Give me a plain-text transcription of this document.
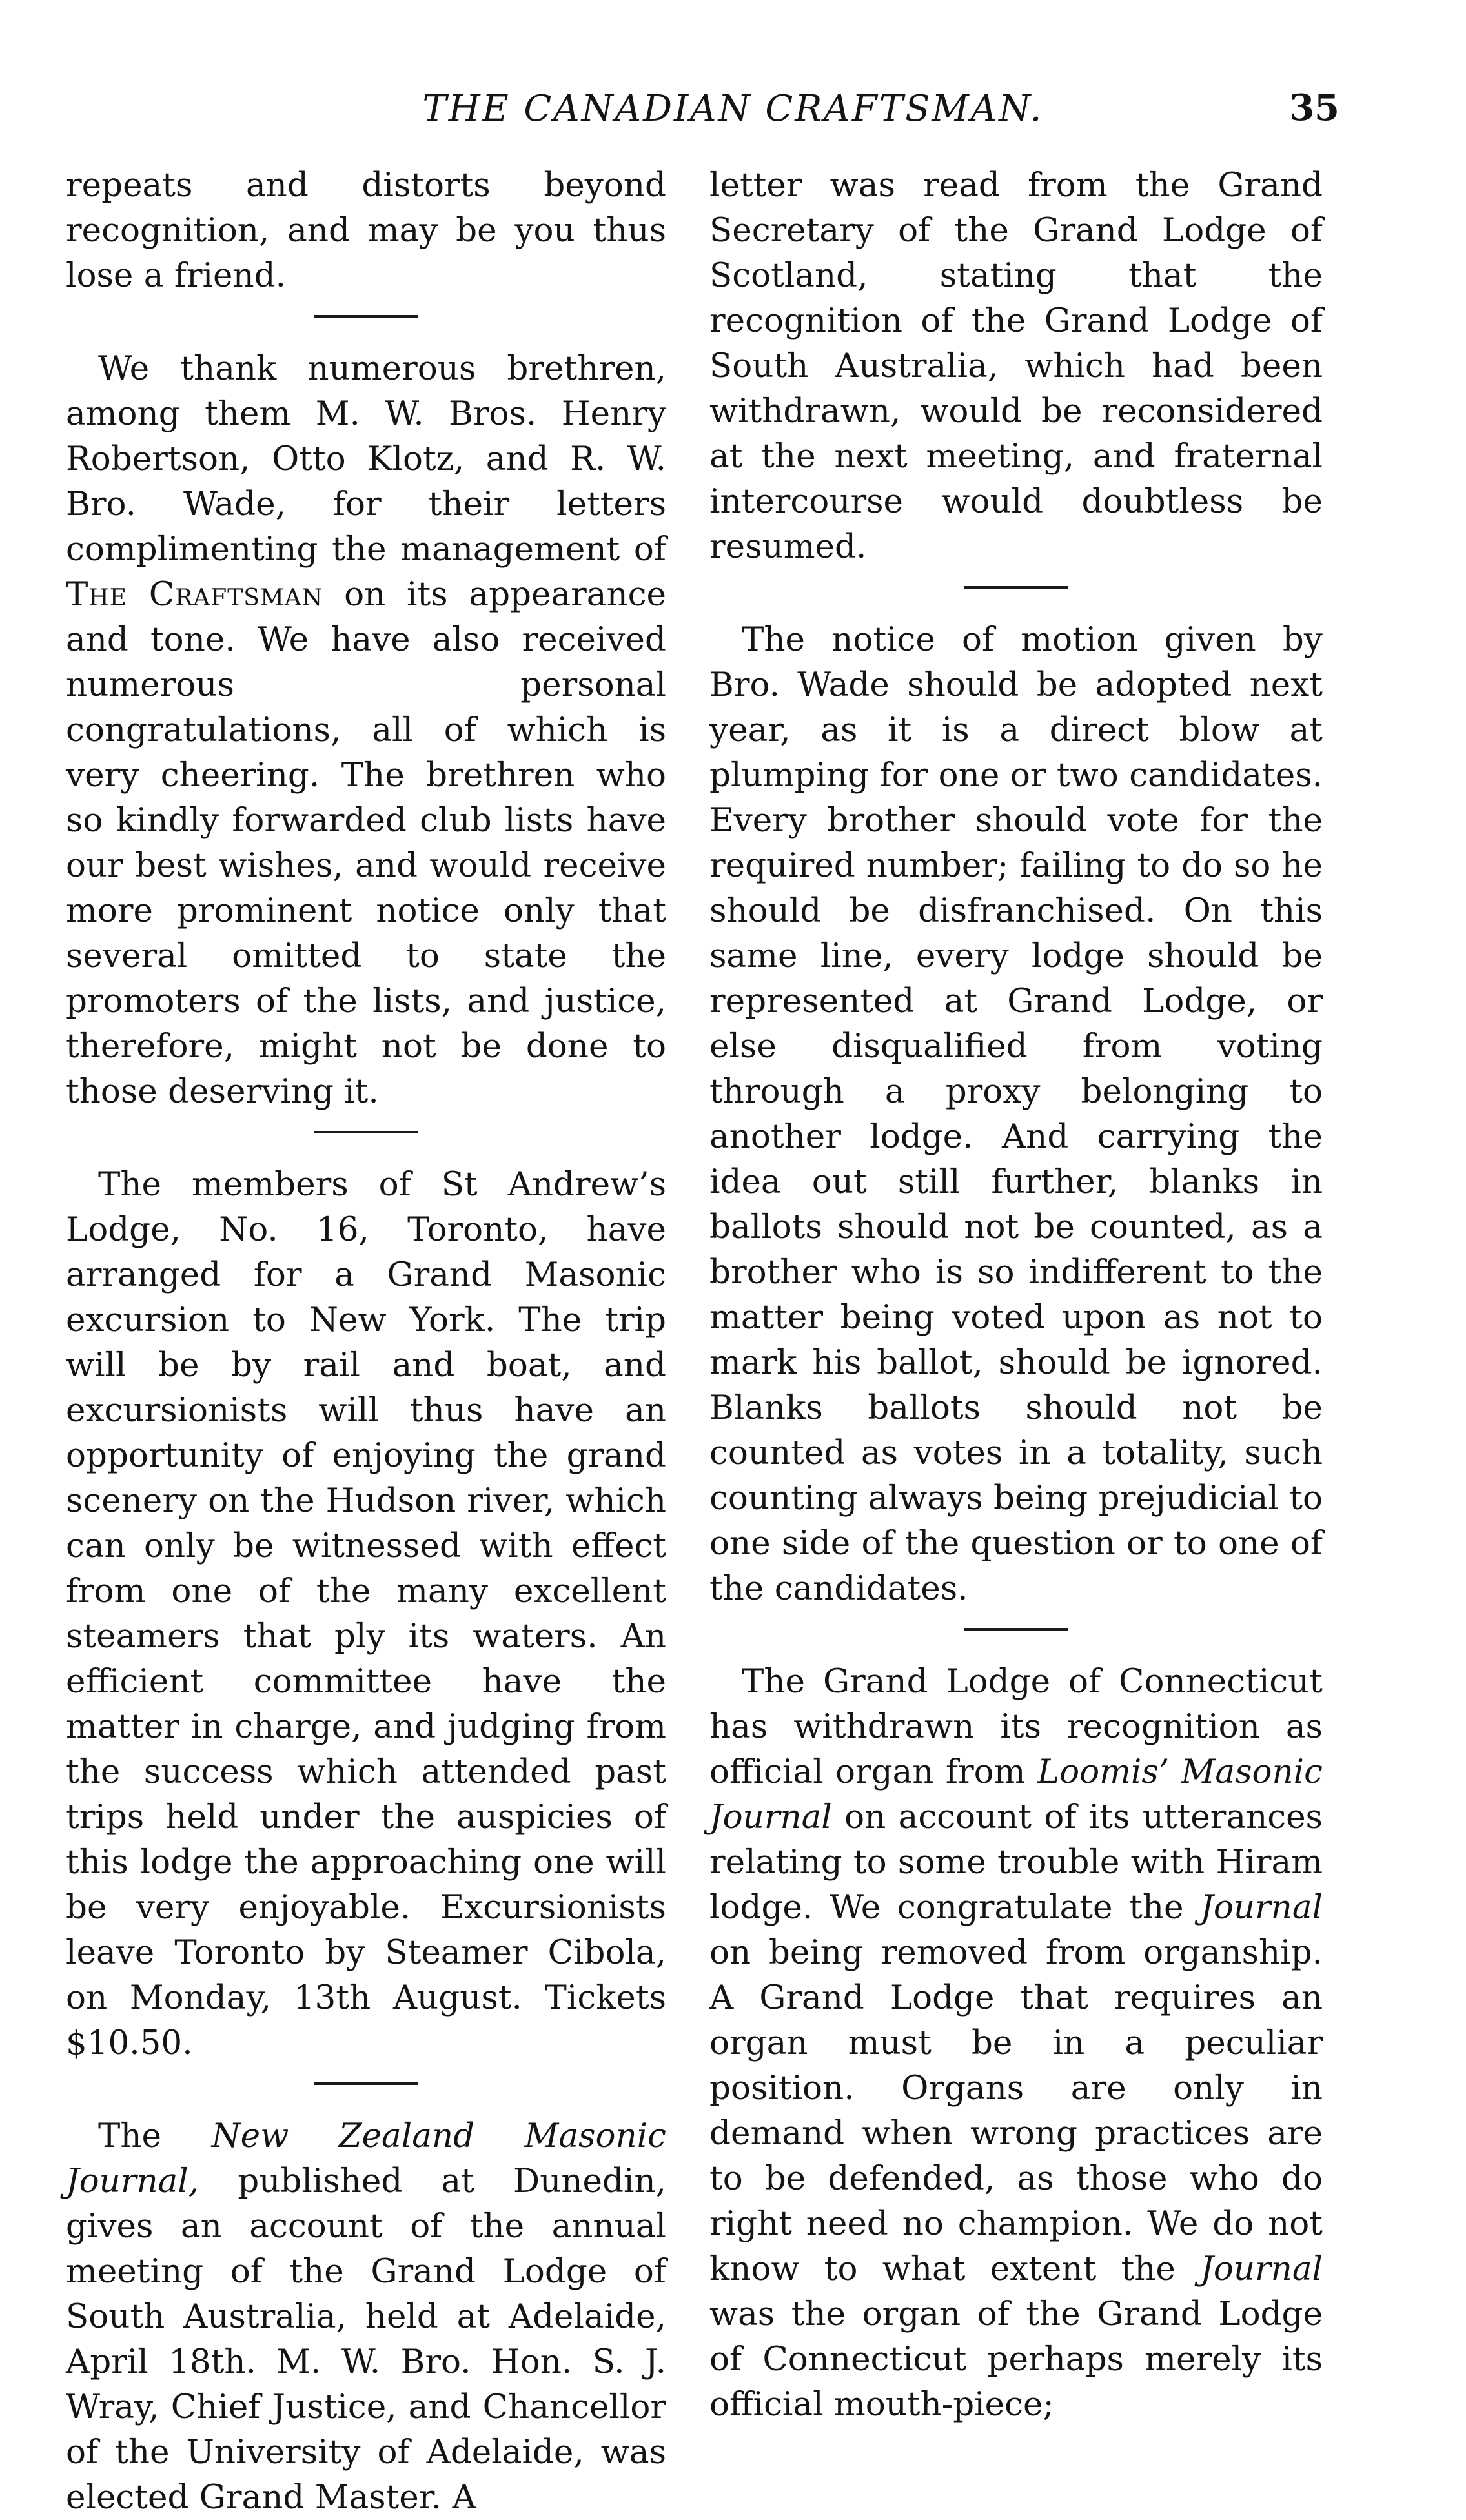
THE CANADIAN CRAFTSMAN.	35

repeats and distorts beyond recognition, and may be you thus lose a friend.

We thank numerous brethren, among them M. W. Bros. Henry Robertson, Otto Klotz, and R. W. Bro. Wade, for their letters complimenting the management of The Craftsman on its appearance and tone. We have also received numerous personal congratulations, all of which is very cheering. The brethren who so kindly forwarded club lists have our best wishes, and would receive more prominent notice only that several omitted to state the promoters of the lists, and justice, therefore, might not be done to those deserving it.

The members of St Andrew’s Lodge, No. 16, Toronto, have arranged for a Grand Masonic excursion to New York. The trip will be by rail and boat, and excursionists will thus have an opportunity of enjoying the grand scenery on the Hudson river, which can only be witnessed with effect from one of the many excellent steamers that ply its waters. An efficient committee have the matter in charge, and judging from the success which attended past trips held under the auspicies of this lodge the approaching one will be very enjoyable. Excursionists leave Toronto by Steamer Cibola, on Monday, 13th August. Tickets $10.50.

The New Zealand Masonic Journal, published at Dunedin, gives an account of the annual meeting of the Grand Lodge of South Australia, held at Adelaide, April 18th. M. W. Bro. Hon. S. J. Wray, Chief Justice, and Chancellor of the University of Adelaide, was elected Grand Master. A

letter was read from the Grand Secretary of the Grand Lodge of Scotland, stating that the recognition of the Grand Lodge of South Australia, which had been withdrawn, would be reconsidered at the next meeting, and fraternal intercourse would doubtless be resumed.

The notice of motion given by Bro. Wade should be adopted next year, as it is a direct blow at plumping for one or two candidates. Every brother should vote for the required number; failing to do so he should be disfranchised. On this same line, every lodge should be represented at Grand Lodge, or else disqualified from voting through a proxy belonging to another lodge. And carrying the idea out still further, blanks in ballots should not be counted, as a brother who is so indifferent to the matter being voted upon as not to mark his ballot, should be ignored. Blanks ballots should not be counted as votes in a totality, such counting always being prejudicial to one side of the question or to one of the candidates.

The Grand Lodge of Connecticut has withdrawn its recognition as official organ from Loomis’ Masonic Journal on account of its utterances relating to some trouble with Hiram lodge. We congratulate the Journal on being removed from organship. A Grand Lodge that requires an organ must be in a peculiar position. Organs are only in demand when wrong practices are to be defended, as those who do right need no champion. We do not know to what extent the Journal was the organ of the Grand Lodge of Connecticut perhaps merely its official mouth-piece;
